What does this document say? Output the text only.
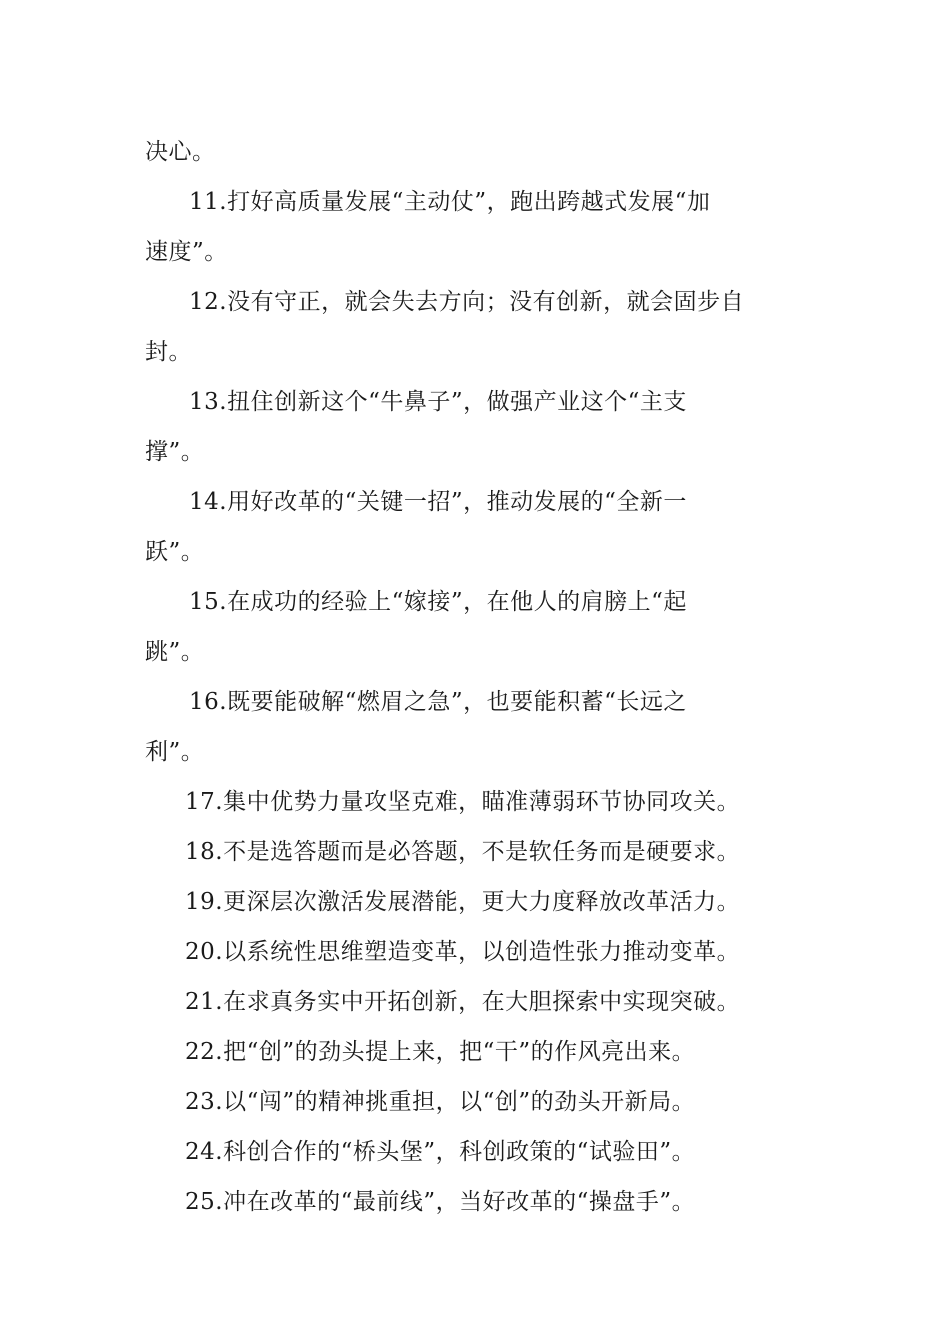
决心。
11.打好高质量发展“主动仗”，跑出跨越式发展“加
速度”。
12.没有守正，就会失去方向；没有创新，就会固步自
封。
13.扭住创新这个“牛鼻子”，做强产业这个“主支
撑”。
14.用好改革的“关键一招”，推动发展的“全新一
跃”。
15.在成功的经验上“嫁接”，在他人的肩膀上“起
跳”。
16.既要能破解“燃眉之急”，也要能积蓄“长远之
利”。
17.集中优势力量攻坚克难，瞄准薄弱环节协同攻关。
18.不是选答题而是必答题，不是软任务而是硬要求。
19.更深层次激活发展潜能，更大力度释放改革活力。
20.以系统性思维塑造变革，以创造性张力推动变革。
21.在求真务实中开拓创新，在大胆探索中实现突破。
22.把“创”的劲头提上来，把“干”的作风亮出来。
23.以“闯”的精神挑重担，以“创”的劲头开新局。
24.科创合作的“桥头堡”，科创政策的“试验田”。
25.冲在改革的“最前线”，当好改革的“操盘手”。
